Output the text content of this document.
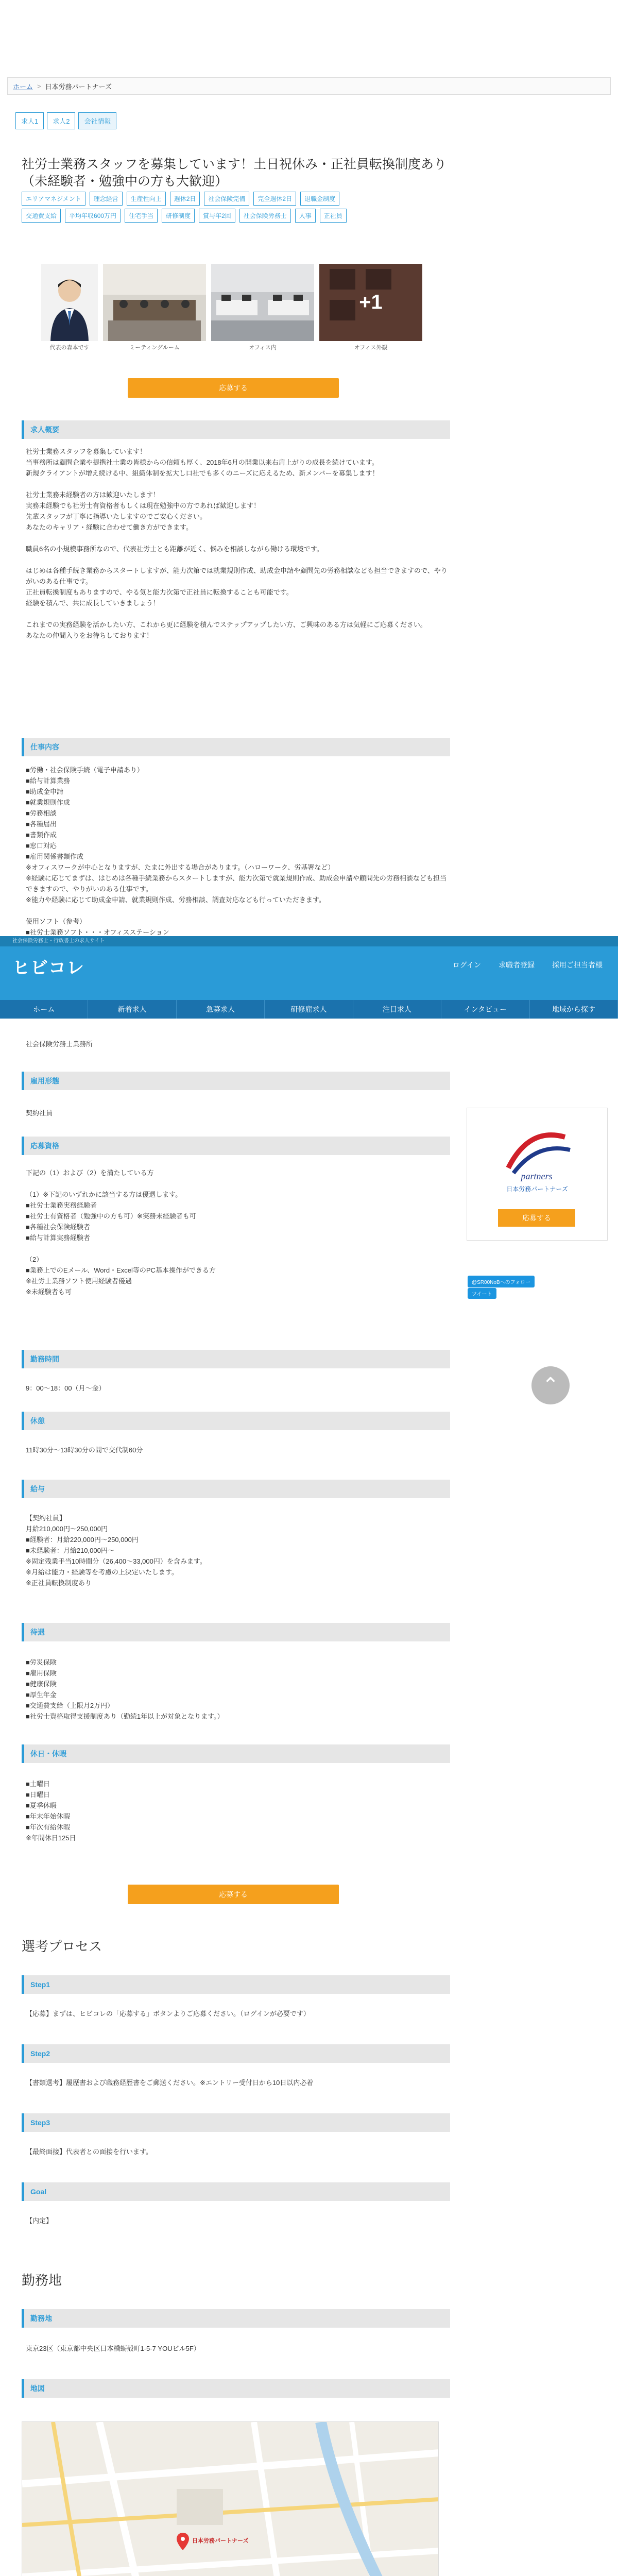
ホーム > 日本労務パートナーズ
求人1	求人2	会社情報
社労士業務スタッフを募集しています！土日祝休み・正社員転換制度あり（未経験者・勉強中の方も大歓迎）
エリアマネジメント	理念経営	生産性向上	週休2日	社会保険完備	完全週休2日	退職金制度
交通費支給	平均年収600万円	住宅手当	研修制度	賞与年2回	社会保険労務士	人事	正社員
代表の森本です	ミーティングルーム	オフィス内
+1
オフィス外観
応募する
求人概要
社労士業務スタッフを募集しています！
当事務所は顧問企業や提携社士業の皆様からの信頼も厚く、2018年6月の開業以来右肩上がりの成長を続けています。
新規クライアントが増え続ける中、組織体制を拡大し口社でも多くのニーズに応えるため、新メンバーを募集します！

社労士業務未経験者の方は歓迎いたします！
実務未経験でも社労士有資格者もしくは現在勉強中の方であれば歓迎します！
先輩スタッフが丁寧に指導いたしますのでご安心ください。
あなたのキャリア・経験に合わせて働き方ができます。

職員6名の小規模事務所なので、代表社労士とも距離が近く、悩みを相談しながら働ける環境です。

はじめは各種手続き業務からスタートしますが、能力次第では就業規則作成、助成金申請や顧問先の労務相談なども担当できますので、やりがいのある仕事です。
正社員転換制度もありますので、やる気と能力次第で正社員に転換することも可能です。
経験を積んで、共に成長していきましょう！

これまでの実務経験を活かしたい方、これから更に経験を積んでステップアップしたい方、ご興味のある方は気軽にご応募ください。
あなたの仲間入りをお待ちしております！
仕事内容
■労働・社会保険手続（電子申請あり）
■給与計算業務
■助成金申請
■就業規則作成
■労務相談
■各種届出
■書類作成
■窓口対応
■雇用関係書類作成
※オフィスワークが中心となりますが、たまに外出する場合があります。（ハローワーク、労基署など）
※経験に応じてまずは、はじめは各種手続業務からスタートしますが、能力次第で就業規則作成、助成金申請や顧問先の労務相談なども担当できますので、やりがいのある仕事です。
※能力や経験に応じて助成金申請、就業規則作成、労務相談、調査対応なども行っていただきます。

使用ソフト（参考）
■社労士業務ソフト・・・オフィスステーション
社会保険労務士・行政書士の求人サイト
ヒビコレ	ログイン 求職者登録 採用ご担当者様
ホーム	新着求人	急募求人	研修雇求人	注目求人	インタビュー	地域から探す
社会保険労務士業務所
雇用形態
契約社員
応募資格
下記の（1）および（2）を満たしている方

（1）※下記のいずれかに該当する方は優遇します。
■社労士業務実務経験者
■社労士有資格者（勉強中の方も可）※実務未経験者も可
■各種社会保険経験者
■給与計算実務経験者

（2）
■業務上でのEメール、Word・Excel等のPC基本操作ができる方
※社労士業務ソフト使用経験者優遇
※未経験者も可
partners
日本労務パートナーズ
応募する
@SR00NoBへのフォロー
ツイート
⌃
勤務時間
9：00〜18：00（月〜金）
休憩
11時30分〜13時30分の間で交代制60分
給与
【契約社員】
月給210,000円〜250,000円
■経験者：月給220,000円〜250,000円
■未経験者：月給210,000円〜
※固定残業手当10時間分（26,400〜33,000円）を含みます。
※月給は能力・経験等を考慮の上決定いたします。
※正社員転換制度あり
待遇
■労災保険
■雇用保険
■健康保険
■厚生年金
■交通費支給（上限月2万円）
■社労士資格取得支援制度あり（勤続1年以上が対象となります。）
休日・休暇
■土曜日
■日曜日
■夏季休暇
■年末年始休暇
■年次有給休暇
※年間休日125日
応募する
選考プロセス
Step1
【応募】まずは、ヒビコレの「応募する」ボタンよりご応募ください。（ログインが必要です）
Step2
【書類選考】履歴書および職務経歴書をご郵送ください。※エントリー受付日から10日以内必着
Step3
【最終面接】代表者との面接を行います。
Goal
【内定】
勤務地
勤務地
東京23区（東京都中央区日本橋蛎殻町1-5-7 YOUビル5F）
地図
日本労務パートナーズ
